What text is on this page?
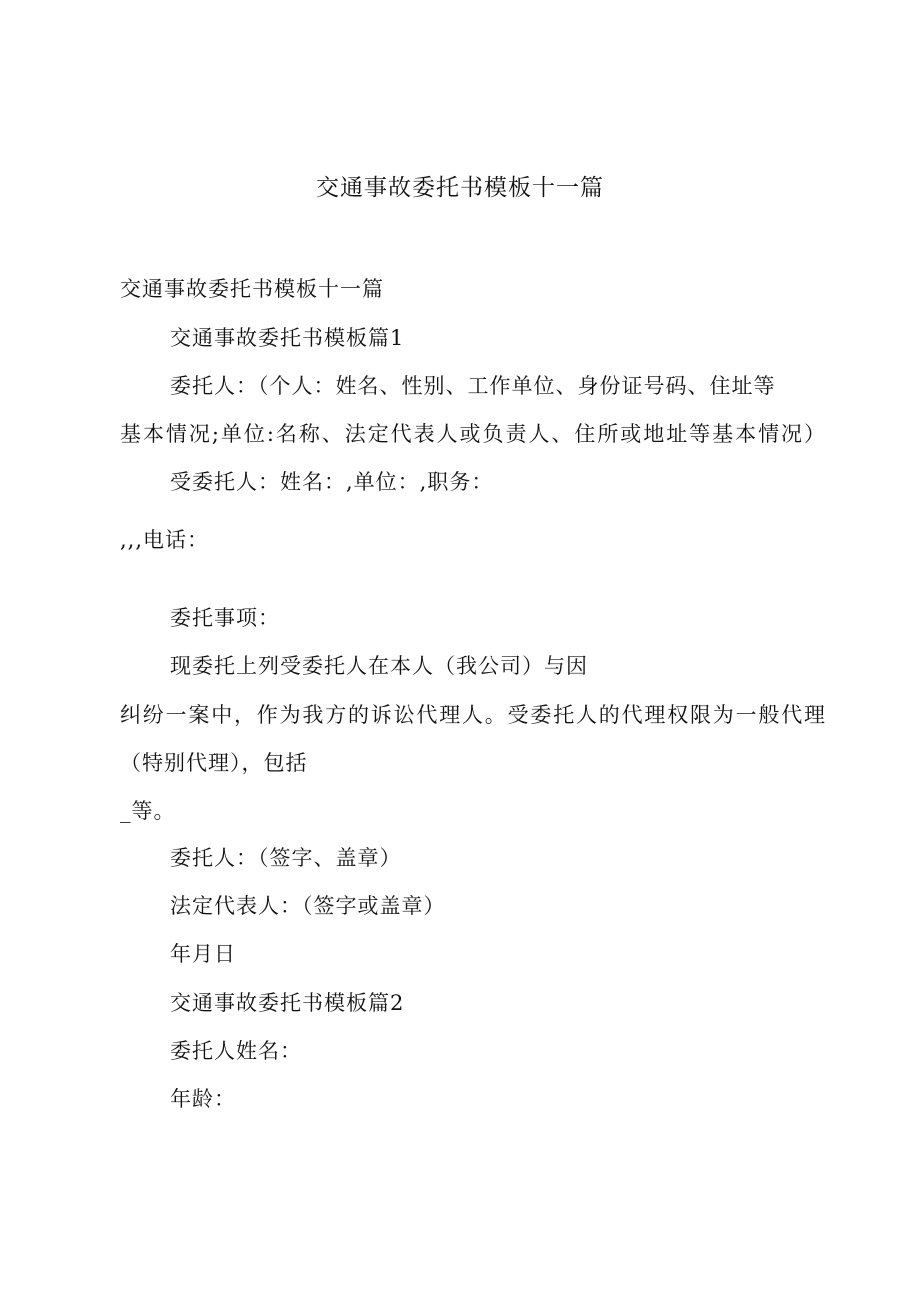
交通事故委托书模板十一篇
交通事故委托书模板十一篇
交通事故委托书模板篇1
委托人：（个人：姓名、性别、工作单位、身份证号码、住址等
基本情况;单位:名称、法定代表人或负责人、住所或地址等基本情况）
受委托人：姓名：,单位：,职务：
,,,电话：
委托事项：
现委托上列受委托人在本人（我公司）与因
纠纷一案中，作为我方的诉讼代理人。受委托人的代理权限为一般代理
（特别代理），包括
_等。
委托人：（签字、盖章）
法定代表人：（签字或盖章）
年月日
交通事故委托书模板篇2
委托人姓名：
年龄：
